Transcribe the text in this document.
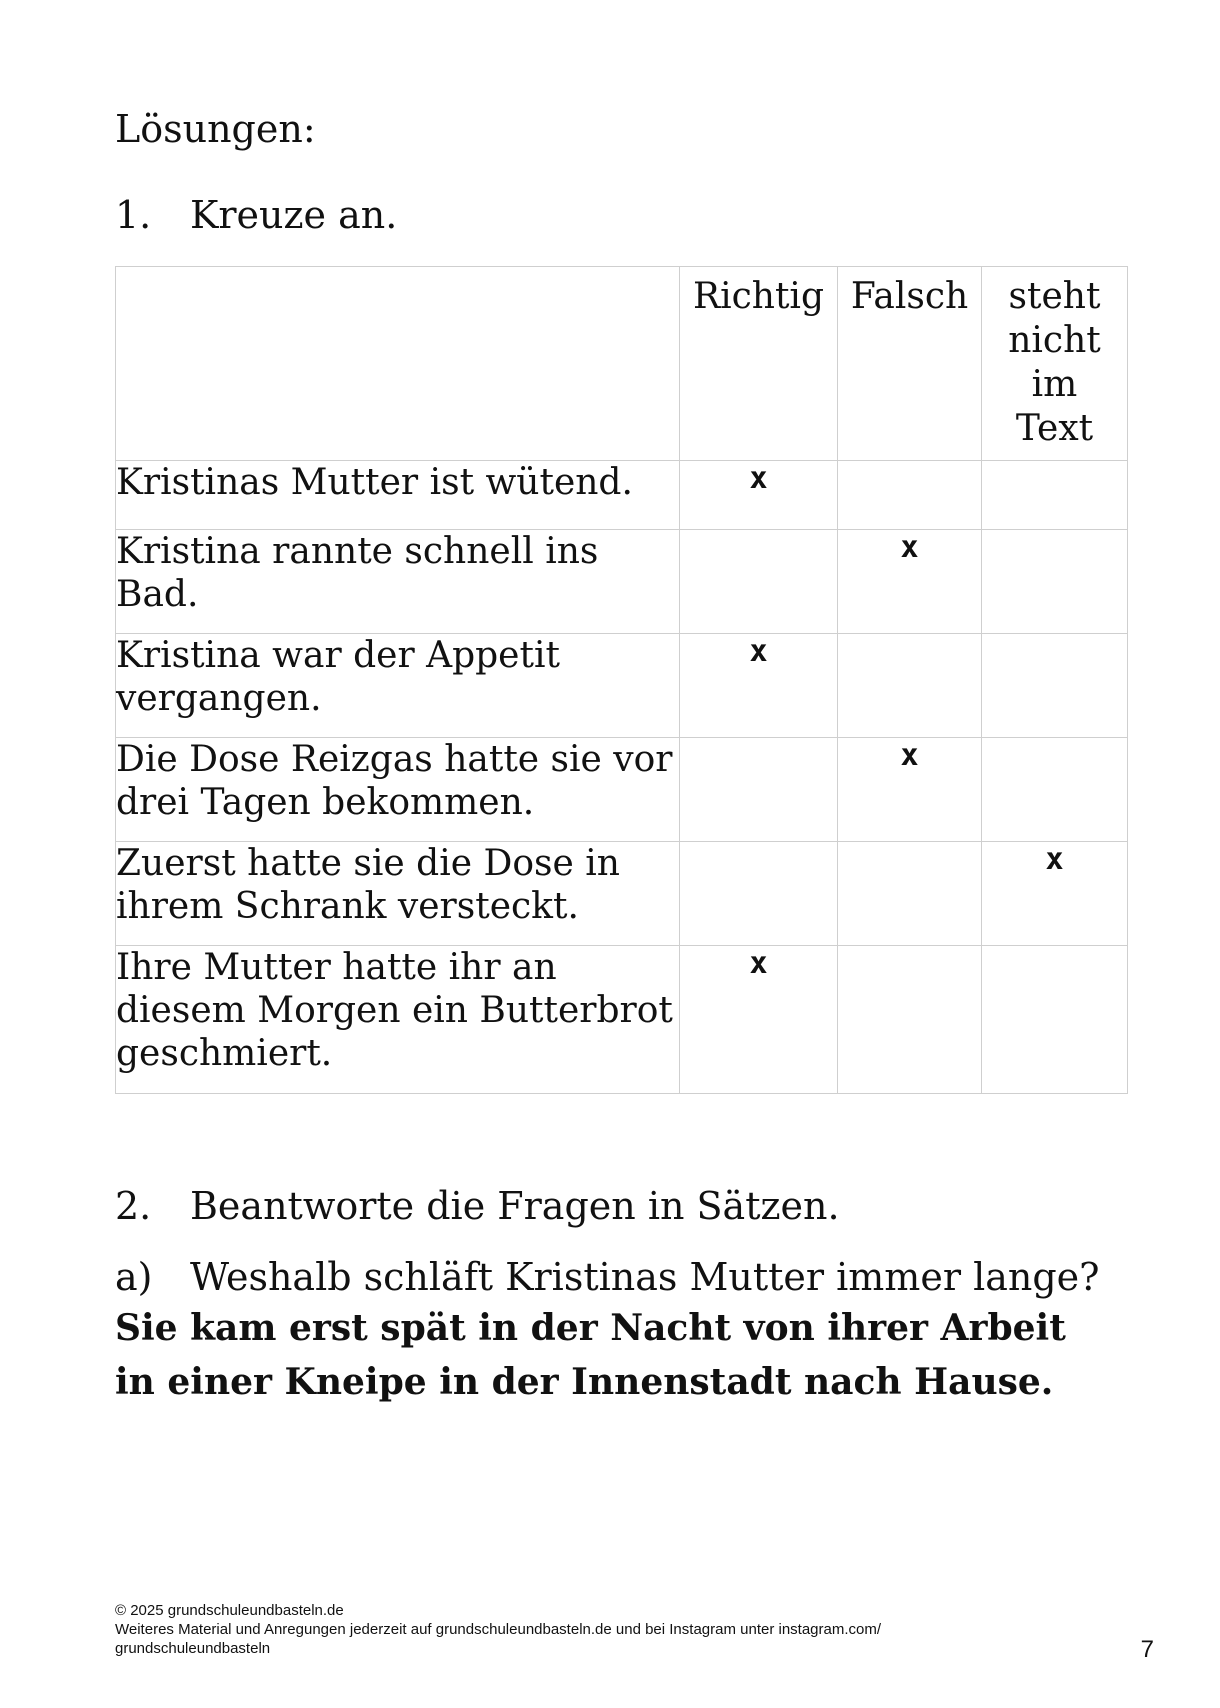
Lösungen:
1. Kreuze an.
	Richtig	Falsch	steht
nicht
im
Text
Kristinas Mutter ist wütend.	x		
Kristina rannte schnell ins Bad.		x	
Kristina war der Appetit vergangen.	x		
Die Dose Reizgas hatte sie vor drei Tagen bekommen.		x	
Zuerst hatte sie die Dose in ihrem Schrank versteckt.			x
Ihre Mutter hatte ihr an diesem Morgen ein Butterbrot geschmiert.	x		
2. Beantworte die Fragen in Sätzen.
a) Weshalb schläft Kristinas Mutter immer lange?
Sie kam erst spät in der Nacht von ihrer Arbeit in einer Kneipe in der Innenstadt nach Hause.
© 2025 grundschuleundbasteln.de
Weiteres Material und Anregungen jederzeit auf grundschuleundbasteln.de und bei Instagram unter instagram.com/
grundschuleundbasteln	7
